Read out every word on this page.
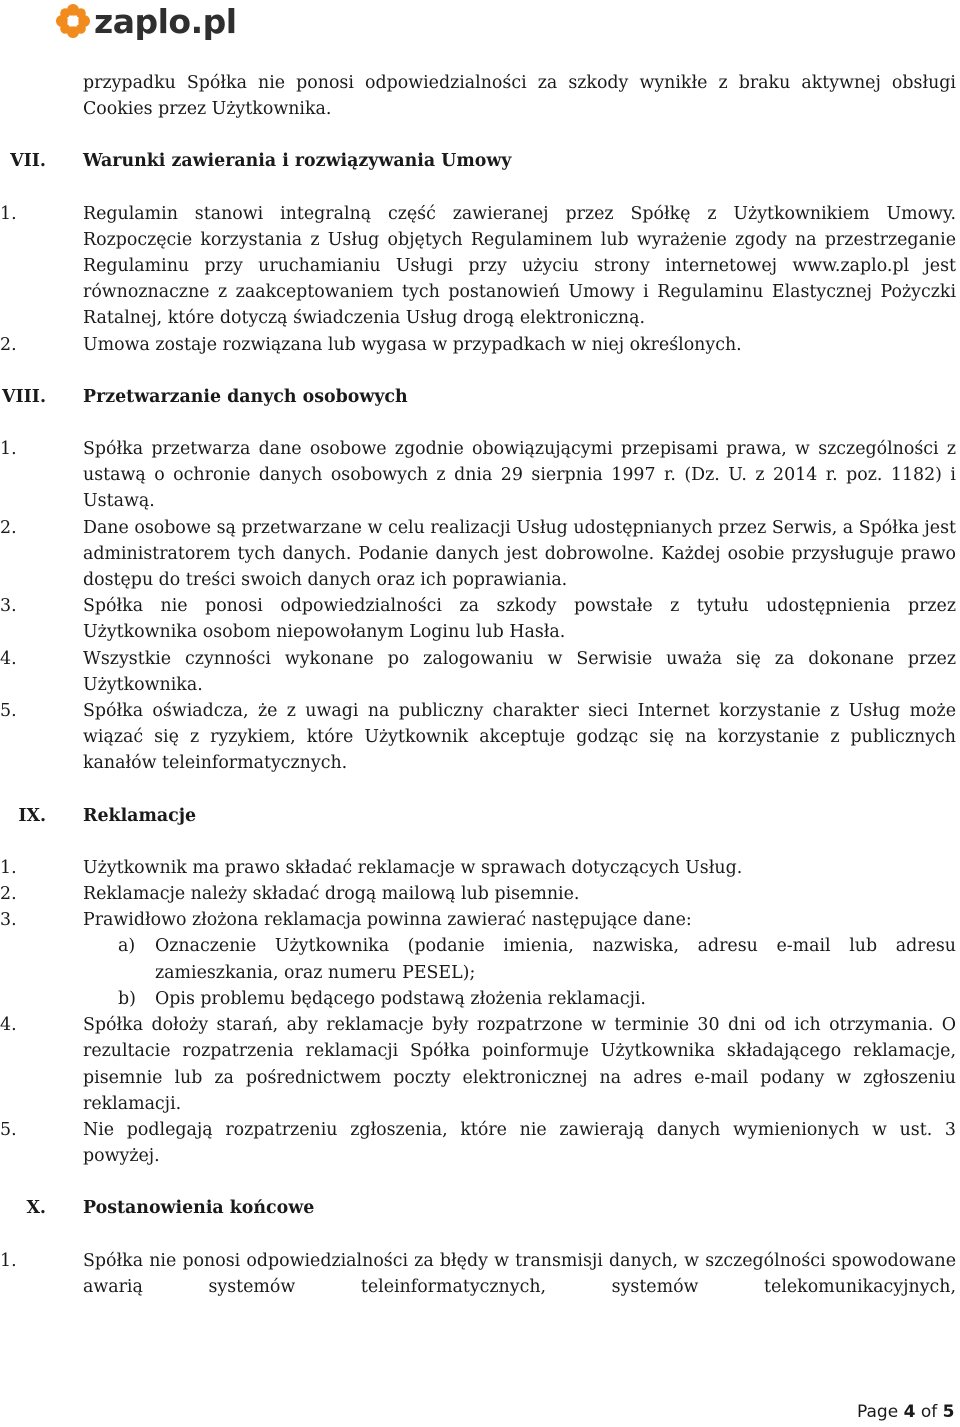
zaplo.pl
przypadku Spółka nie ponosi odpowiedzialności za szkody wynikłe z braku aktywnej obsługi Cookies przez Użytkownika.
VII. Warunki zawierania i rozwiązywania Umowy
1.	Regulamin stanowi integralną część zawieranej przez Spółkę z Użytkownikiem Umowy. Rozpoczęcie korzystania z Usług objętych Regulaminem lub wyrażenie zgody na przestrzeganie Regulaminu przy uruchamianiu Usługi przy użyciu strony internetowej www.zaplo.pl jest równoznaczne z zaakceptowaniem tych postanowień Umowy i Regulaminu Elastycznej Pożyczki Ratalnej, które dotyczą świadczenia Usług drogą elektroniczną.
2.	Umowa zostaje rozwiązana lub wygasa w przypadkach w niej określonych.
VIII. Przetwarzanie danych osobowych
1.	Spółka przetwarza dane osobowe zgodnie obowiązującymi przepisami prawa, w szczególności z ustawą o ochronie danych osobowych z dnia 29 sierpnia 1997 r. (Dz. U. z 2014 r. poz. 1182) i Ustawą.
2.	Dane osobowe są przetwarzane w celu realizacji Usług udostępnianych przez Serwis, a Spółka jest administratorem tych danych. Podanie danych jest dobrowolne. Każdej osobie przysługuje prawo dostępu do treści swoich danych oraz ich poprawiania.
3.	Spółka nie ponosi odpowiedzialności za szkody powstałe z tytułu udostępnienia przez Użytkownika osobom niepowołanym Loginu lub Hasła.
4.	Wszystkie czynności wykonane po zalogowaniu w Serwisie uważa się za dokonane przez Użytkownika.
5.	Spółka oświadcza, że z uwagi na publiczny charakter sieci Internet korzystanie z Usług może wiązać się z ryzykiem, które Użytkownik akceptuje godząc się na korzystanie z publicznych kanałów teleinformatycznych.
IX. Reklamacje
1.	Użytkownik ma prawo składać reklamacje w sprawach dotyczących Usług.
2.	Reklamacje należy składać drogą mailową lub pisemnie.
3.	Prawidłowo złożona reklamacja powinna zawierać następujące dane:
a) Oznaczenie Użytkownika (podanie imienia, nazwiska, adresu e-mail lub adresu zamieszkania, oraz numeru PESEL);
b) Opis problemu będącego podstawą złożenia reklamacji.
4.	Spółka dołoży starań, aby reklamacje były rozpatrzone w terminie 30 dni od ich otrzymania. O rezultacie rozpatrzenia reklamacji Spółka poinformuje Użytkownika składającego reklamacje, pisemnie lub za pośrednictwem poczty elektronicznej na adres e-mail podany w zgłoszeniu reklamacji.
5.	Nie podlegają rozpatrzeniu zgłoszenia, które nie zawierają danych wymienionych w ust. 3 powyżej.
X. Postanowienia końcowe
1.	Spółka nie ponosi odpowiedzialności za błędy w transmisji danych, w szczególności spowodowane awarią systemów teleinformatycznych, systemów telekomunikacyjnych,
Page 4 of 5
